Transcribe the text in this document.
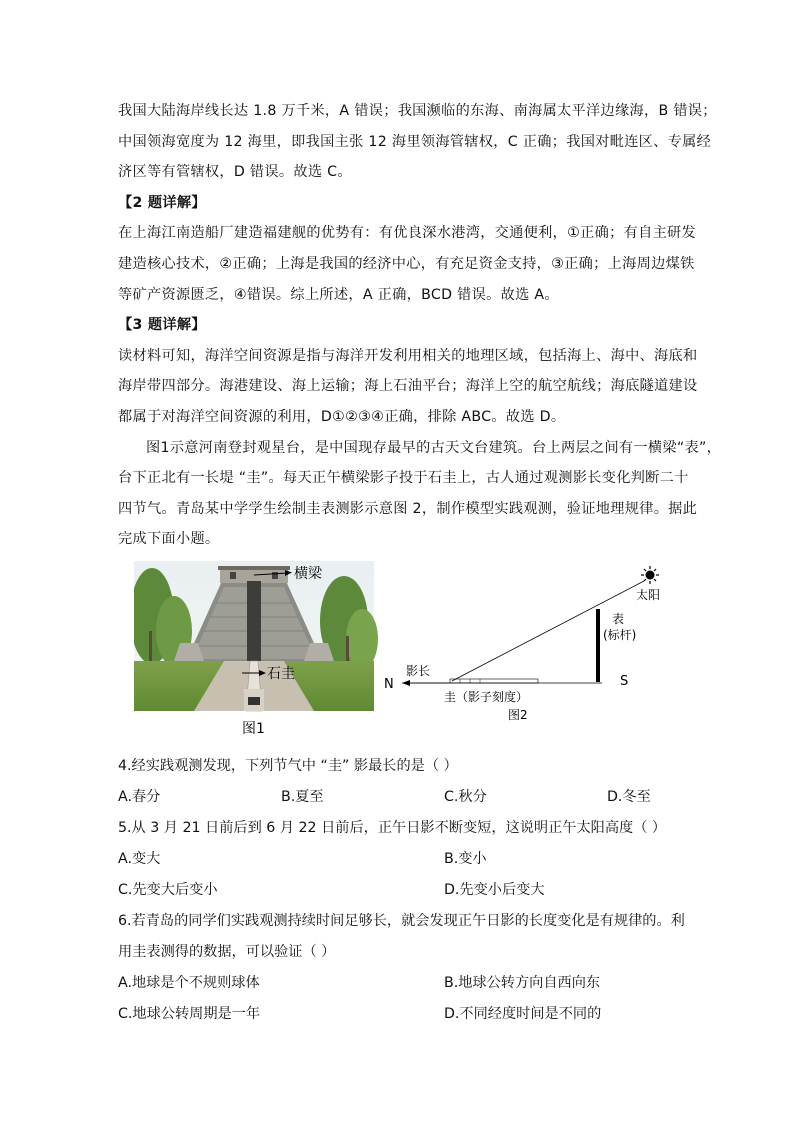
我国大陆海岸线长达 1.8 万千米，A 错误；我国濒临的东海、南海属太平洋边缘海，B 错误；
中国领海宽度为 12 海里，即我国主张 12 海里领海管辖权，C 正确；我国对毗连区、专属经
济区等有管辖权，D 错误。故选 C。
【2 题详解】
在上海江南造船厂建造福建舰的优势有：有优良深水港湾，交通便利，①正确；有自主研发
建造核心技术，②正确；上海是我国的经济中心，有充足资金支持，③正确；上海周边煤铁
等矿产资源匮乏，④错误。综上所述，A 正确，BCD 错误。故选 A。
【3 题详解】
读材料可知，海洋空间资源是指与海洋开发利用相关的地理区域，包括海上、海中、海底和
海岸带四部分。海港建设、海上运输；海上石油平台；海洋上空的航空航线；海底隧道建设
都属于对海洋空间资源的利用，D①②③④正确，排除 ABC。故选 D。
图1示意河南登封观星台，是中国现存最早的古天文台建筑。台上两层之间有一横梁“表”，
台下正北有一长堤 “圭”。每天正午横梁影子投于石圭上，古人通过观测影长变化判断二十
四节气。青岛某中学学生绘制圭表测影示意图 2，制作模型实践观测，验证地理规律。据此
完成下面小题。
横梁
石圭
图1
太阳
表
(标杆)
影长
N	S
圭（影子刻度）
图2
4.经实践观测发现，下列节气中 “圭” 影最长的是（ ）
A.春分	B.夏至	C.秋分	D.冬至
5.从 3 月 21 日前后到 6 月 22 日前后，正午日影不断变短，这说明正午太阳高度（ ）
A.变大	B.变小
C.先变大后变小	D.先变小后变大
6.若青岛的同学们实践观测持续时间足够长，就会发现正午日影的长度变化是有规律的。利
用圭表测得的数据，可以验证（ ）
A.地球是个不规则球体	B.地球公转方向自西向东
C.地球公转周期是一年	D.不同经度时间是不同的
